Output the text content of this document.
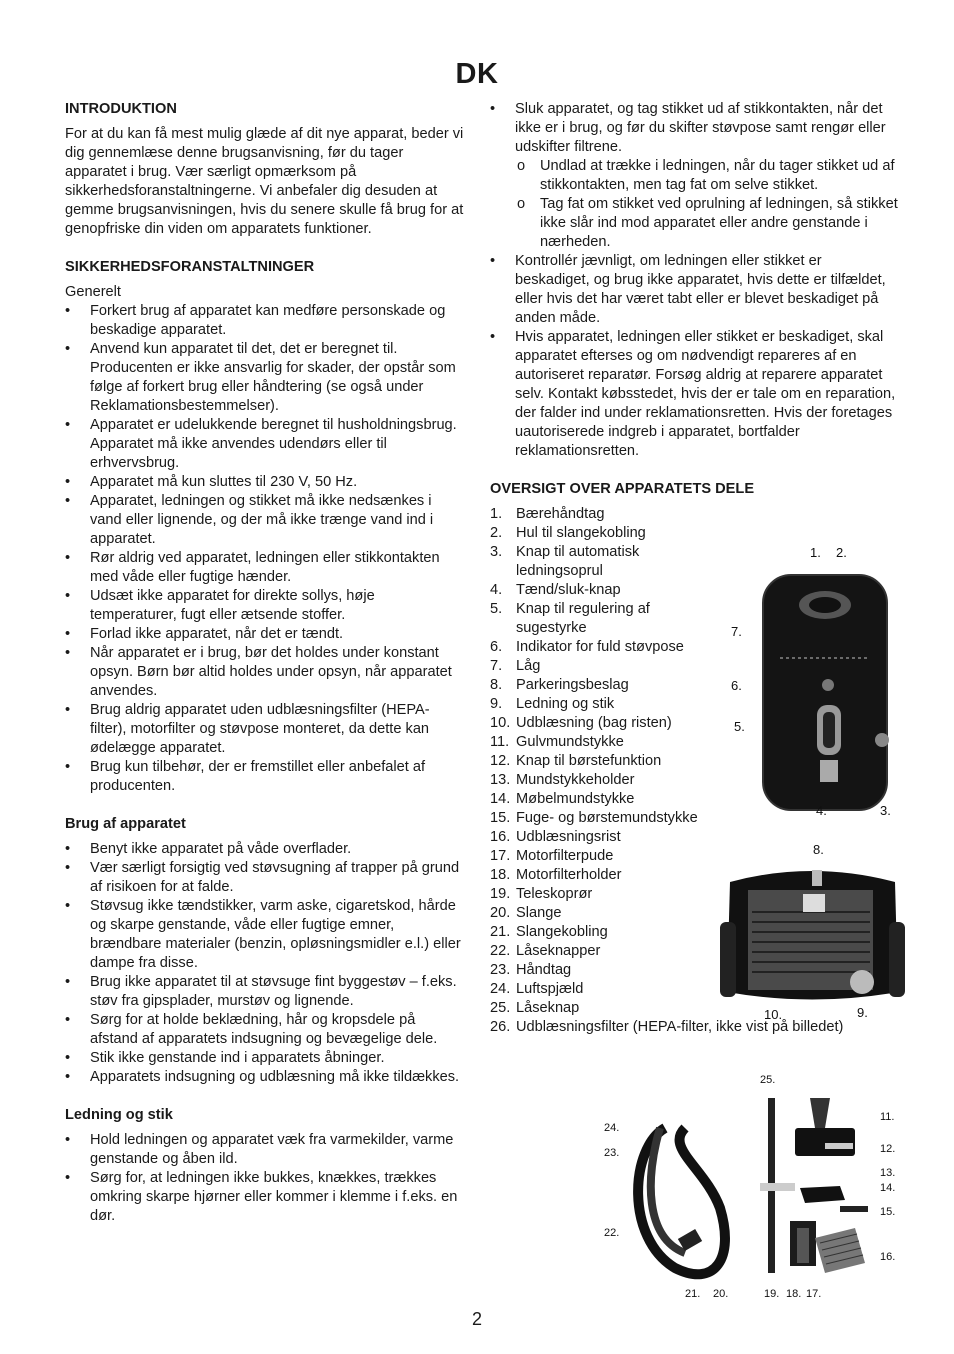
DK
INTRODUKTION

For at du kan få mest mulig glæde af dit nye apparat, beder vi dig gennemlæse denne brugsanvisning, før du tager apparatet i brug. Vær særligt opmærksom på sikkerhedsforanstaltningerne. Vi anbefaler dig desuden at gemme brugsanvisningen, hvis du senere skulle få brug for at genopfriske din viden om apparatets funktioner.

SIKKERHEDSFORANSTALTNINGER

Generelt

• Forkert brug af apparatet kan medføre personskade og beskadige apparatet.
• Anvend kun apparatet til det, det er beregnet til. Producenten er ikke ansvarlig for skader, der opstår som følge af forkert brug eller håndtering (se også under Reklamationsbestemmelser).
• Apparatet er udelukkende beregnet til husholdningsbrug. Apparatet må ikke anvendes udendørs eller til erhvervsbrug.
• Apparatet må kun sluttes til 230 V, 50 Hz.
• Apparatet, ledningen og stikket må ikke nedsænkes i vand eller lignende, og der må ikke trænge vand ind i apparatet.
• Rør aldrig ved apparatet, ledningen eller stikkontakten med våde eller fugtige hænder.
• Udsæt ikke apparatet for direkte sollys, høje temperaturer, fugt eller ætsende stoffer.
• Forlad ikke apparatet, når det er tændt.
• Når apparatet er i brug, bør det holdes under konstant opsyn. Børn bør altid holdes under opsyn, når apparatet anvendes.
• Brug aldrig apparatet uden udblæsningsfilter (HEPA-filter), motorfilter og støvpose monteret, da dette kan ødelægge apparatet.
• Brug kun tilbehør, der er fremstillet eller anbefalet af producenten.
Brug af apparatet
• Benyt ikke apparatet på våde overflader.
• Vær særligt forsigtig ved støvsugning af trapper på grund af risikoen for at falde.
• Støvsug ikke tændstikker, varm aske, cigaretskod, hårde og skarpe genstande, våde eller fugtige emner, brændbare materialer (benzin, opløsningsmidler e.l.) eller dampe fra disse.
• Brug ikke apparatet til at støvsuge fint byggestøv – f.eks. støv fra gipsplader, murstøv og lignende.
• Sørg for at holde beklædning, hår og kropsdele på afstand af apparatets indsugning og bevægelige dele.
• Stik ikke genstande ind i apparatets åbninger.
• Apparatets indsugning og udblæsning må ikke tildækkes.
Ledning og stik
• Hold ledningen og apparatet væk fra varmekilder, varme genstande og åben ild.
• Sørg for, at ledningen ikke bukkes, knækkes, trækkes omkring skarpe hjørner eller kommer i klemme i f.eks. en dør.
• Sluk apparatet, og tag stikket ud af stikkontakten, når det ikke er i brug, og før du skifter støvpose samt rengør eller udskifter filtrene.
o Undlad at trække i ledningen, når du tager stikket ud af stikkontakten, men tag fat om selve stikket.
o Tag fat om stikket ved oprulning af ledningen, så stikket ikke slår ind mod apparatet eller andre genstande i nærheden.
• Kontrollér jævnligt, om ledningen eller stikket er beskadiget, og brug ikke apparatet, hvis dette er tilfældet, eller hvis det har været tabt eller er blevet beskadiget på anden måde.
• Hvis apparatet, ledningen eller stikket er beskadiget, skal apparatet efterses og om nødvendigt repareres af en autoriseret reparatør. Forsøg aldrig at reparere apparatet selv. Kontakt købsstedet, hvis der er tale om en reparation, der falder ind under reklamationsretten. Hvis der foretages uautoriserede indgreb i apparatet, bortfalder reklamationsretten.
OVERSIGT OVER APPARATETS DELE
1. Bærehåndtag
2. Hul til slangekobling
3. Knap til automatisk
ledningsoprul
4. Tænd/sluk-knap
5. Knap til regulering af
sugestyrke
6. Indikator for fuld støvpose
7. Låg
8. Parkeringsbeslag
9. Ledning og stik
10. Udblæsning (bag risten)
11. Gulvmundstykke
12. Knap til børstefunktion
13. Mundstykkeholder
14. Møbelmundstykke
15. Fuge- og børstemundstykke
16. Udblæsningsrist
17. Motorfilterpude
18. Motorfilterholder
19. Teleskoprør
20. Slange
21. Slangekobling
22. Låseknapper
23. Håndtag
24. Luftspjæld
25. Låseknap
26. Udblæsningsfilter (HEPA-filter, ikke vist på billedet)
1. 2.
7.
6.
5.
4.	3.
8.
10.	9.
25.
24.
23.
22.
21. 20.	19. 18. 17.
11.
12.
13.
14.
15.
16.
2
